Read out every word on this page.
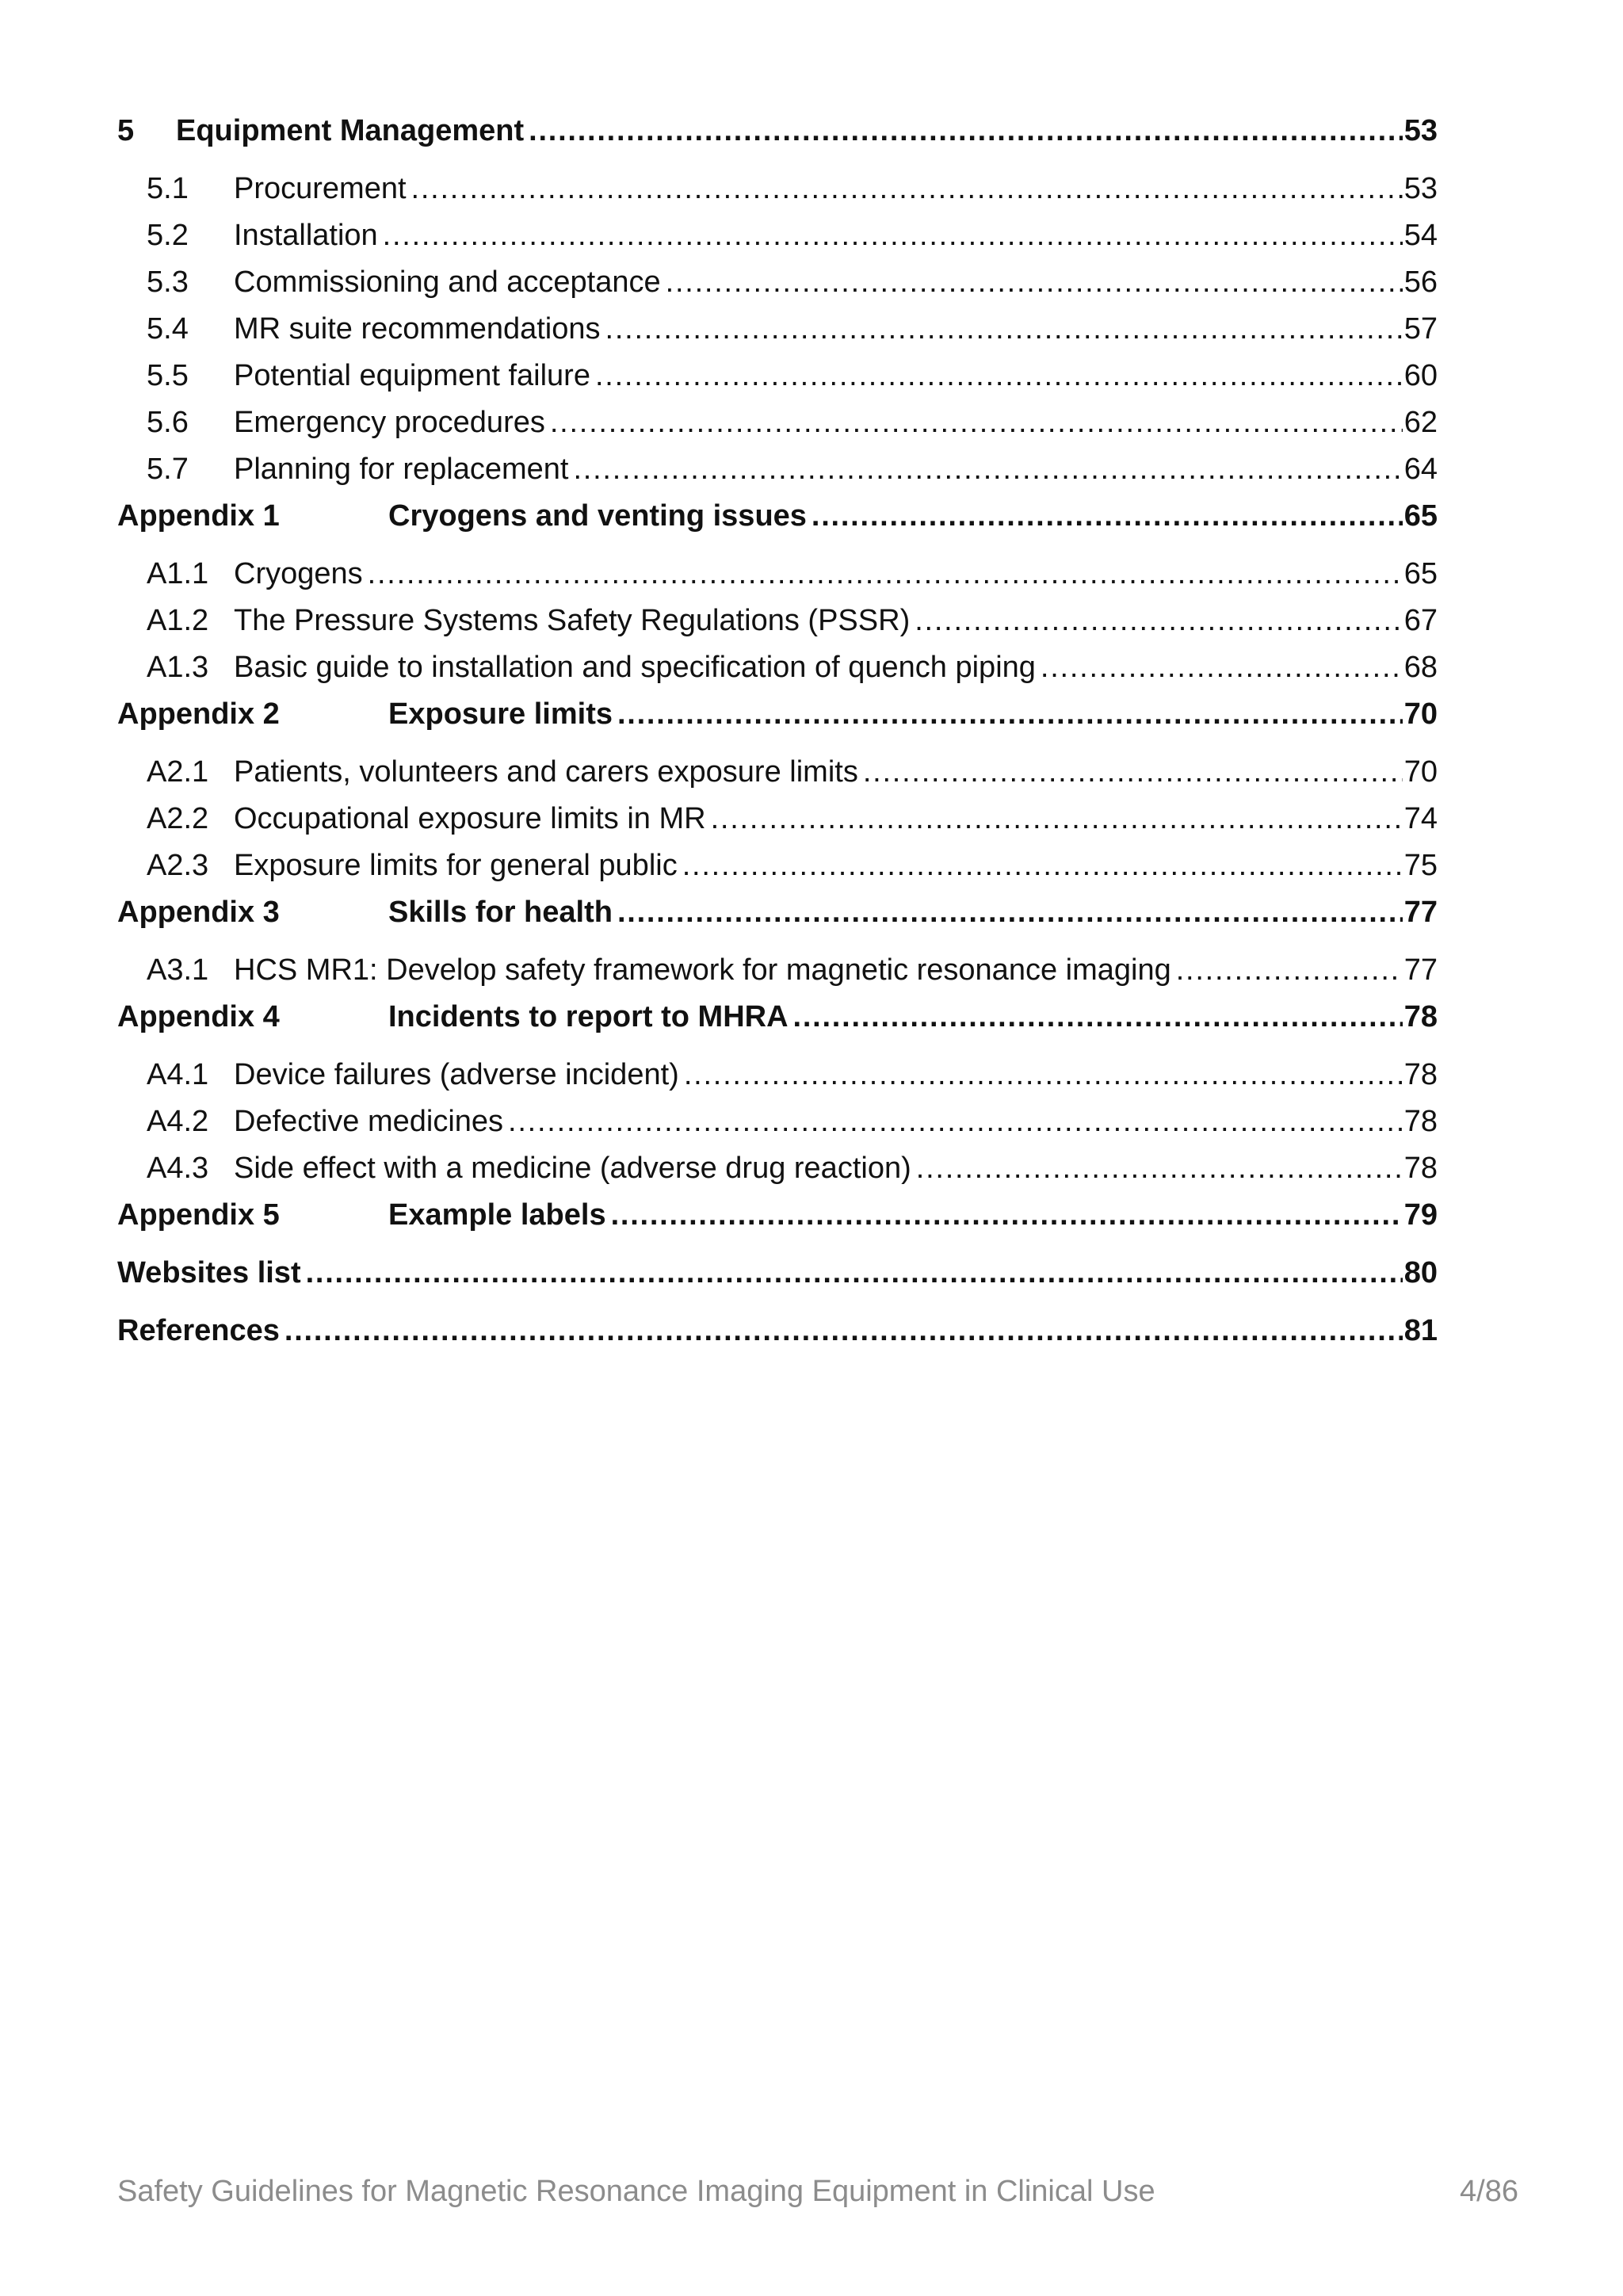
5	Equipment Management . . .	53
5.1	Procurement . . .	53
5.2	Installation . . .	54
5.3	Commissioning and acceptance . . .	56
5.4	MR suite recommendations . . .	57
5.5	Potential equipment failure . . .	60
5.6	Emergency procedures . . .	62
5.7	Planning for replacement . . .	64
Appendix 1	Cryogens and venting issues . . .	65
A1.1 Cryogens . . .	65
A1.2 The Pressure Systems Safety Regulations (PSSR) . . .	67
A1.3 Basic guide to installation and specification of quench piping . . .	68
Appendix 2	Exposure limits . . .	70
A2.1 Patients, volunteers and carers exposure limits . . .	70
A2.2 Occupational exposure limits in MR . . .	74
A2.3 Exposure limits for general public . . .	75
Appendix 3	Skills for health . . .	77
A3.1 HCS MR1: Develop safety framework for magnetic resonance imaging . . .	77
Appendix 4	Incidents to report to MHRA . . .	78
A4.1 Device failures (adverse incident) . . .	78
A4.2 Defective medicines . . .	78
A4.3 Side effect with a medicine (adverse drug reaction) . . .	78
Appendix 5	Example labels . . .	79
Websites list . . .	80
References . . .	81
Safety Guidelines for Magnetic Resonance Imaging Equipment in Clinical Use	4/86
